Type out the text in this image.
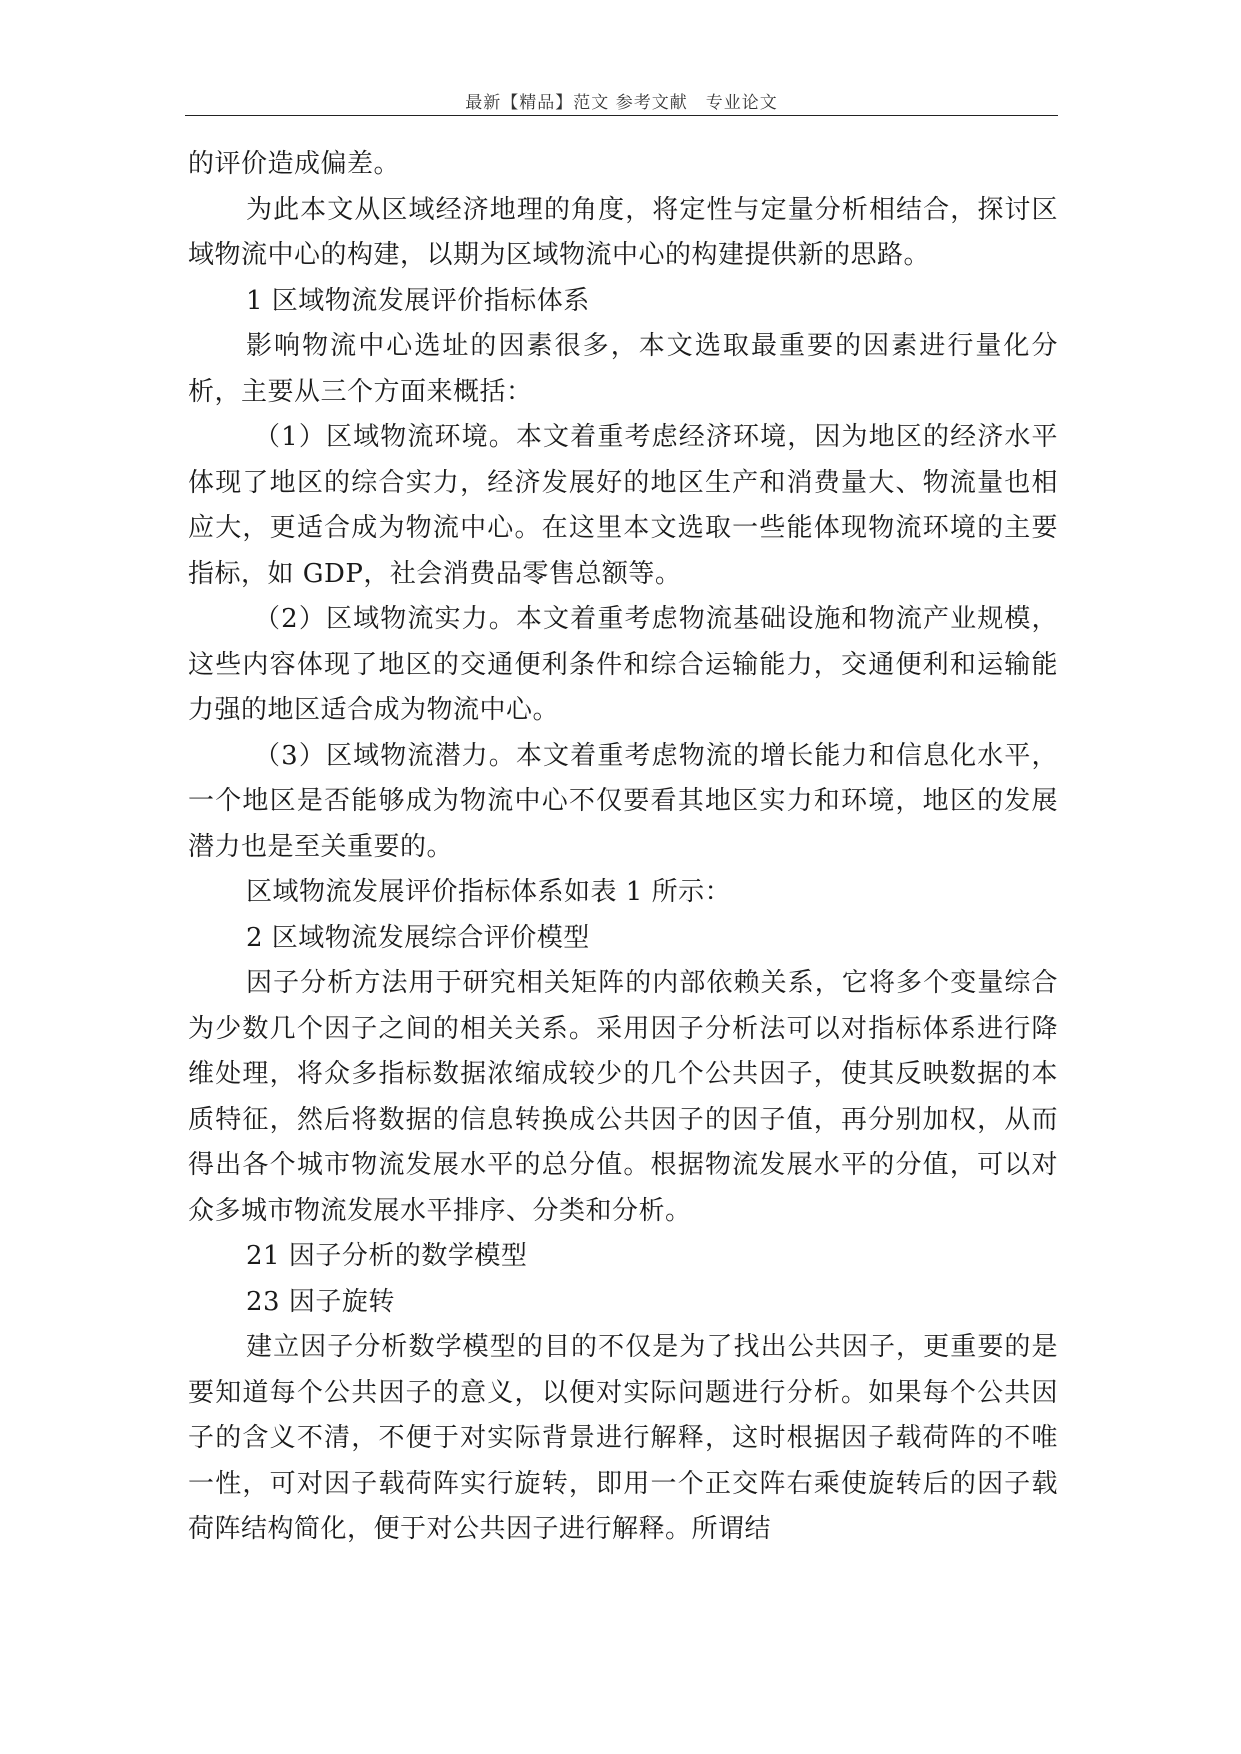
最新【精品】范文 参考文献　专业论文

的评价造成偏差。

为此本文从区域经济地理的角度，将定性与定量分析相结合，探讨区域物流中心的构建，以期为区域物流中心的构建提供新的思路。

1 区域物流发展评价指标体系

影响物流中心选址的因素很多，本文选取最重要的因素进行量化分析，主要从三个方面来概括：

（1）区域物流环境。本文着重考虑经济环境，因为地区的经济水平体现了地区的综合实力，经济发展好的地区生产和消费量大、物流量也相应大，更适合成为物流中心。在这里本文选取一些能体现物流环境的主要指标，如 GDP，社会消费品零售总额等。

（2）区域物流实力。本文着重考虑物流基础设施和物流产业规模，这些内容体现了地区的交通便利条件和综合运输能力，交通便利和运输能力强的地区适合成为物流中心。

（3）区域物流潜力。本文着重考虑物流的增长能力和信息化水平，一个地区是否能够成为物流中心不仅要看其地区实力和环境，地区的发展潜力也是至关重要的。

区域物流发展评价指标体系如表 1 所示：

2 区域物流发展综合评价模型

因子分析方法用于研究相关矩阵的内部依赖关系，它将多个变量综合为少数几个因子之间的相关关系。采用因子分析法可以对指标体系进行降维处理，将众多指标数据浓缩成较少的几个公共因子，使其反映数据的本质特征，然后将数据的信息转换成公共因子的因子值，再分别加权，从而得出各个城市物流发展水平的总分值。根据物流发展水平的分值，可以对众多城市物流发展水平排序、分类和分析。

21 因子分析的数学模型

23 因子旋转

建立因子分析数学模型的目的不仅是为了找出公共因子，更重要的是要知道每个公共因子的意义，以便对实际问题进行分析。如果每个公共因子的含义不清，不便于对实际背景进行解释，这时根据因子载荷阵的不唯一性，可对因子载荷阵实行旋转，即用一个正交阵右乘使旋转后的因子载荷阵结构简化，便于对公共因子进行解释。所谓结
